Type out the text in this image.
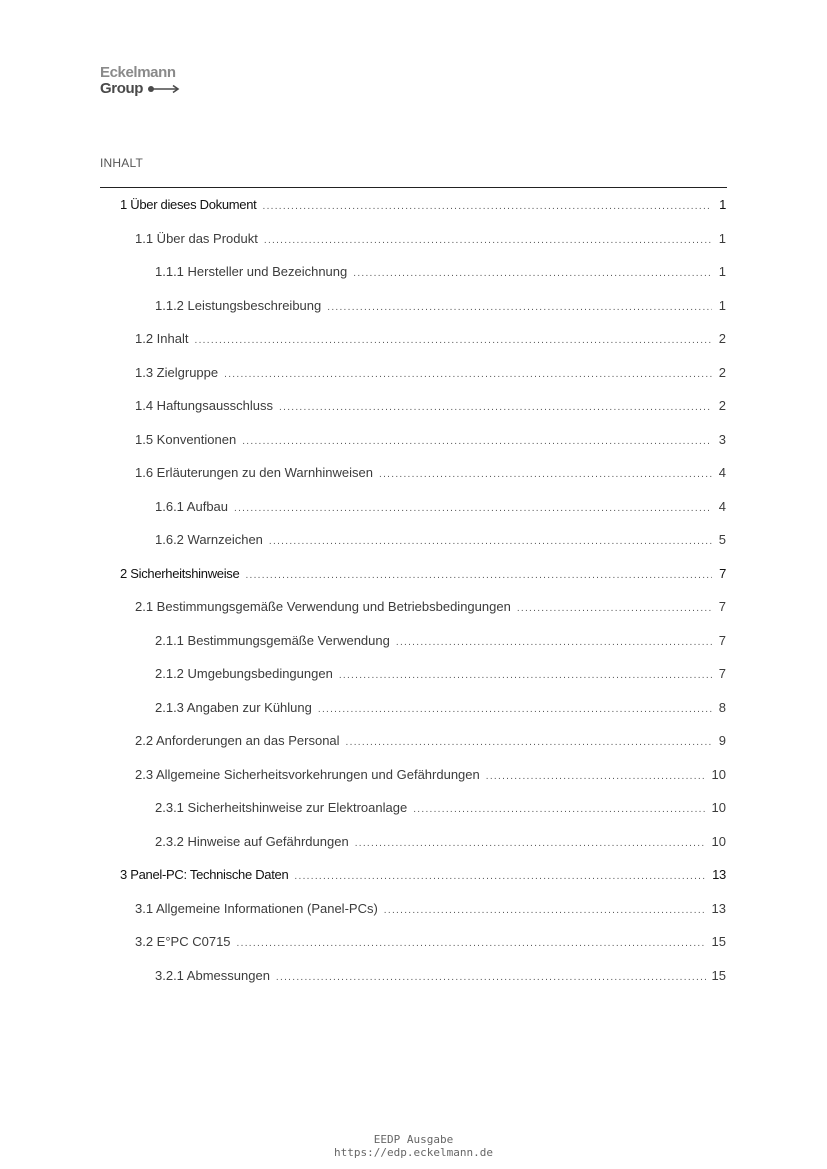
Eckelmann
Group
INHALT
1 Über dieses Dokument .....	1
1.1 Über das Produkt .....	1
1.1.1 Hersteller und Bezeichnung .....	1
1.1.2 Leistungsbeschreibung .....	1
1.2 Inhalt .....	2
1.3 Zielgruppe .....	2
1.4 Haftungsausschluss .....	2
1.5 Konventionen .....	3
1.6 Erläuterungen zu den Warnhinweisen .....	4
1.6.1 Aufbau .....	4
1.6.2 Warnzeichen .....	5
2 Sicherheitshinweise .....	7
2.1 Bestimmungsgemäße Verwendung und Betriebsbedingungen .....	7
2.1.1 Bestimmungsgemäße Verwendung .....	7
2.1.2 Umgebungsbedingungen .....	7
2.1.3 Angaben zur Kühlung .....	8
2.2 Anforderungen an das Personal .....	9
2.3 Allgemeine Sicherheitsvorkehrungen und Gefährdungen .....	10
2.3.1 Sicherheitshinweise zur Elektroanlage .....	10
2.3.2 Hinweise auf Gefährdungen .....	10
3 Panel-PC: Technische Daten .....	13
3.1 Allgemeine Informationen (Panel-PCs) .....	13
3.2 E°PC C0715 .....	15
3.2.1 Abmessungen .....	15
EEDP Ausgabe
https://edp.eckelmann.de
